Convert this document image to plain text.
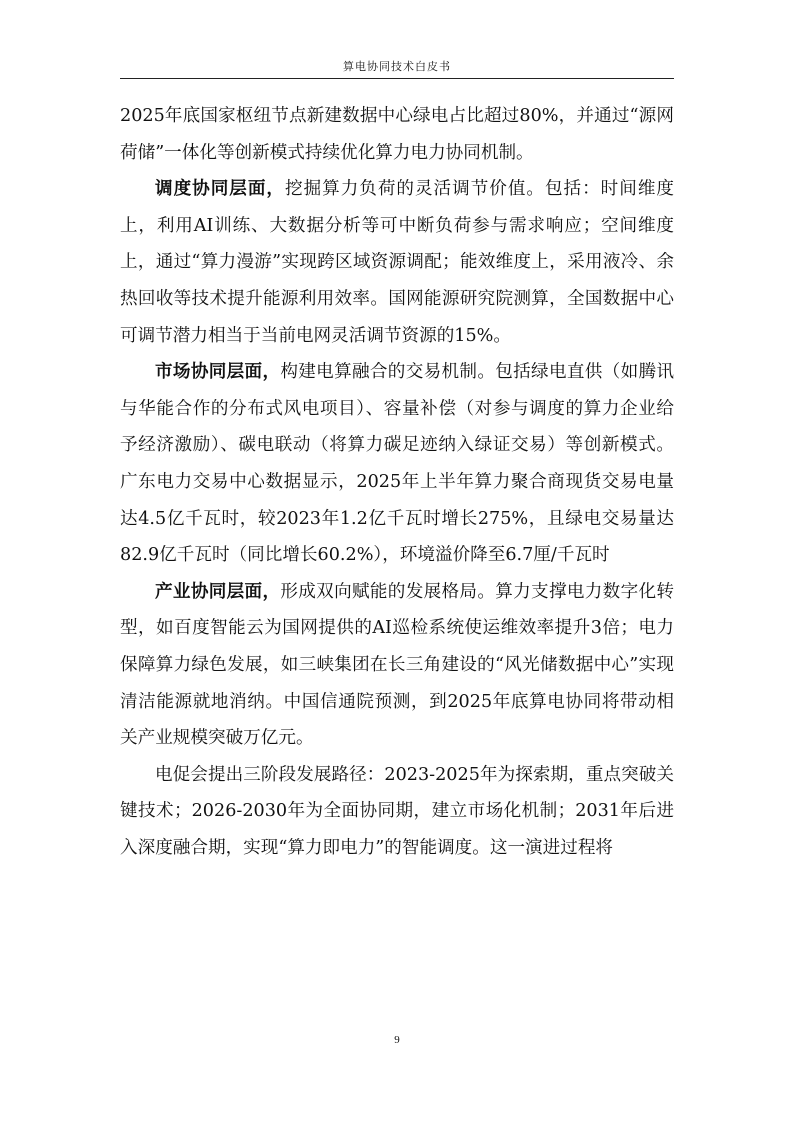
算电协同技术白皮书

2025年底国家枢纽节点新建数据中心绿电占比超过80%，并通过“源网荷储”一体化等创新模式持续优化算力电力协同机制。

调度协同层面，挖掘算力负荷的灵活调节价值。包括：时间维度上，利用AI训练、大数据分析等可中断负荷参与需求响应；空间维度上，通过“算力漫游”实现跨区域资源调配；能效维度上，采用液冷、余热回收等技术提升能源利用效率。国网能源研究院测算，全国数据中心可调节潜力相当于当前电网灵活调节资源的15%。

市场协同层面，构建电算融合的交易机制。包括绿电直供（如腾讯与华能合作的分布式风电项目）、容量补偿（对参与调度的算力企业给予经济激励）、碳电联动（将算力碳足迹纳入绿证交易）等创新模式。广东电力交易中心数据显示，2025年上半年算力聚合商现货交易电量达4.5亿千瓦时，较2023年1.2亿千瓦时增长275%，且绿电交易量达82.9亿千瓦时（同比增长60.2%），环境溢价降至6.7厘/千瓦时

产业协同层面，形成双向赋能的发展格局。算力支撑电力数字化转型，如百度智能云为国网提供的AI巡检系统使运维效率提升3倍；电力保障算力绿色发展，如三峡集团在长三角建设的“风光储数据中心”实现清洁能源就地消纳。中国信通院预测，到2025年底算电协同将带动相关产业规模突破万亿元。

电促会提出三阶段发展路径：2023-2025年为探索期，重点突破关键技术；2026-2030年为全面协同期，建立市场化机制；2031年后进入深度融合期，实现“算力即电力”的智能调度。这一演进过程将

9
